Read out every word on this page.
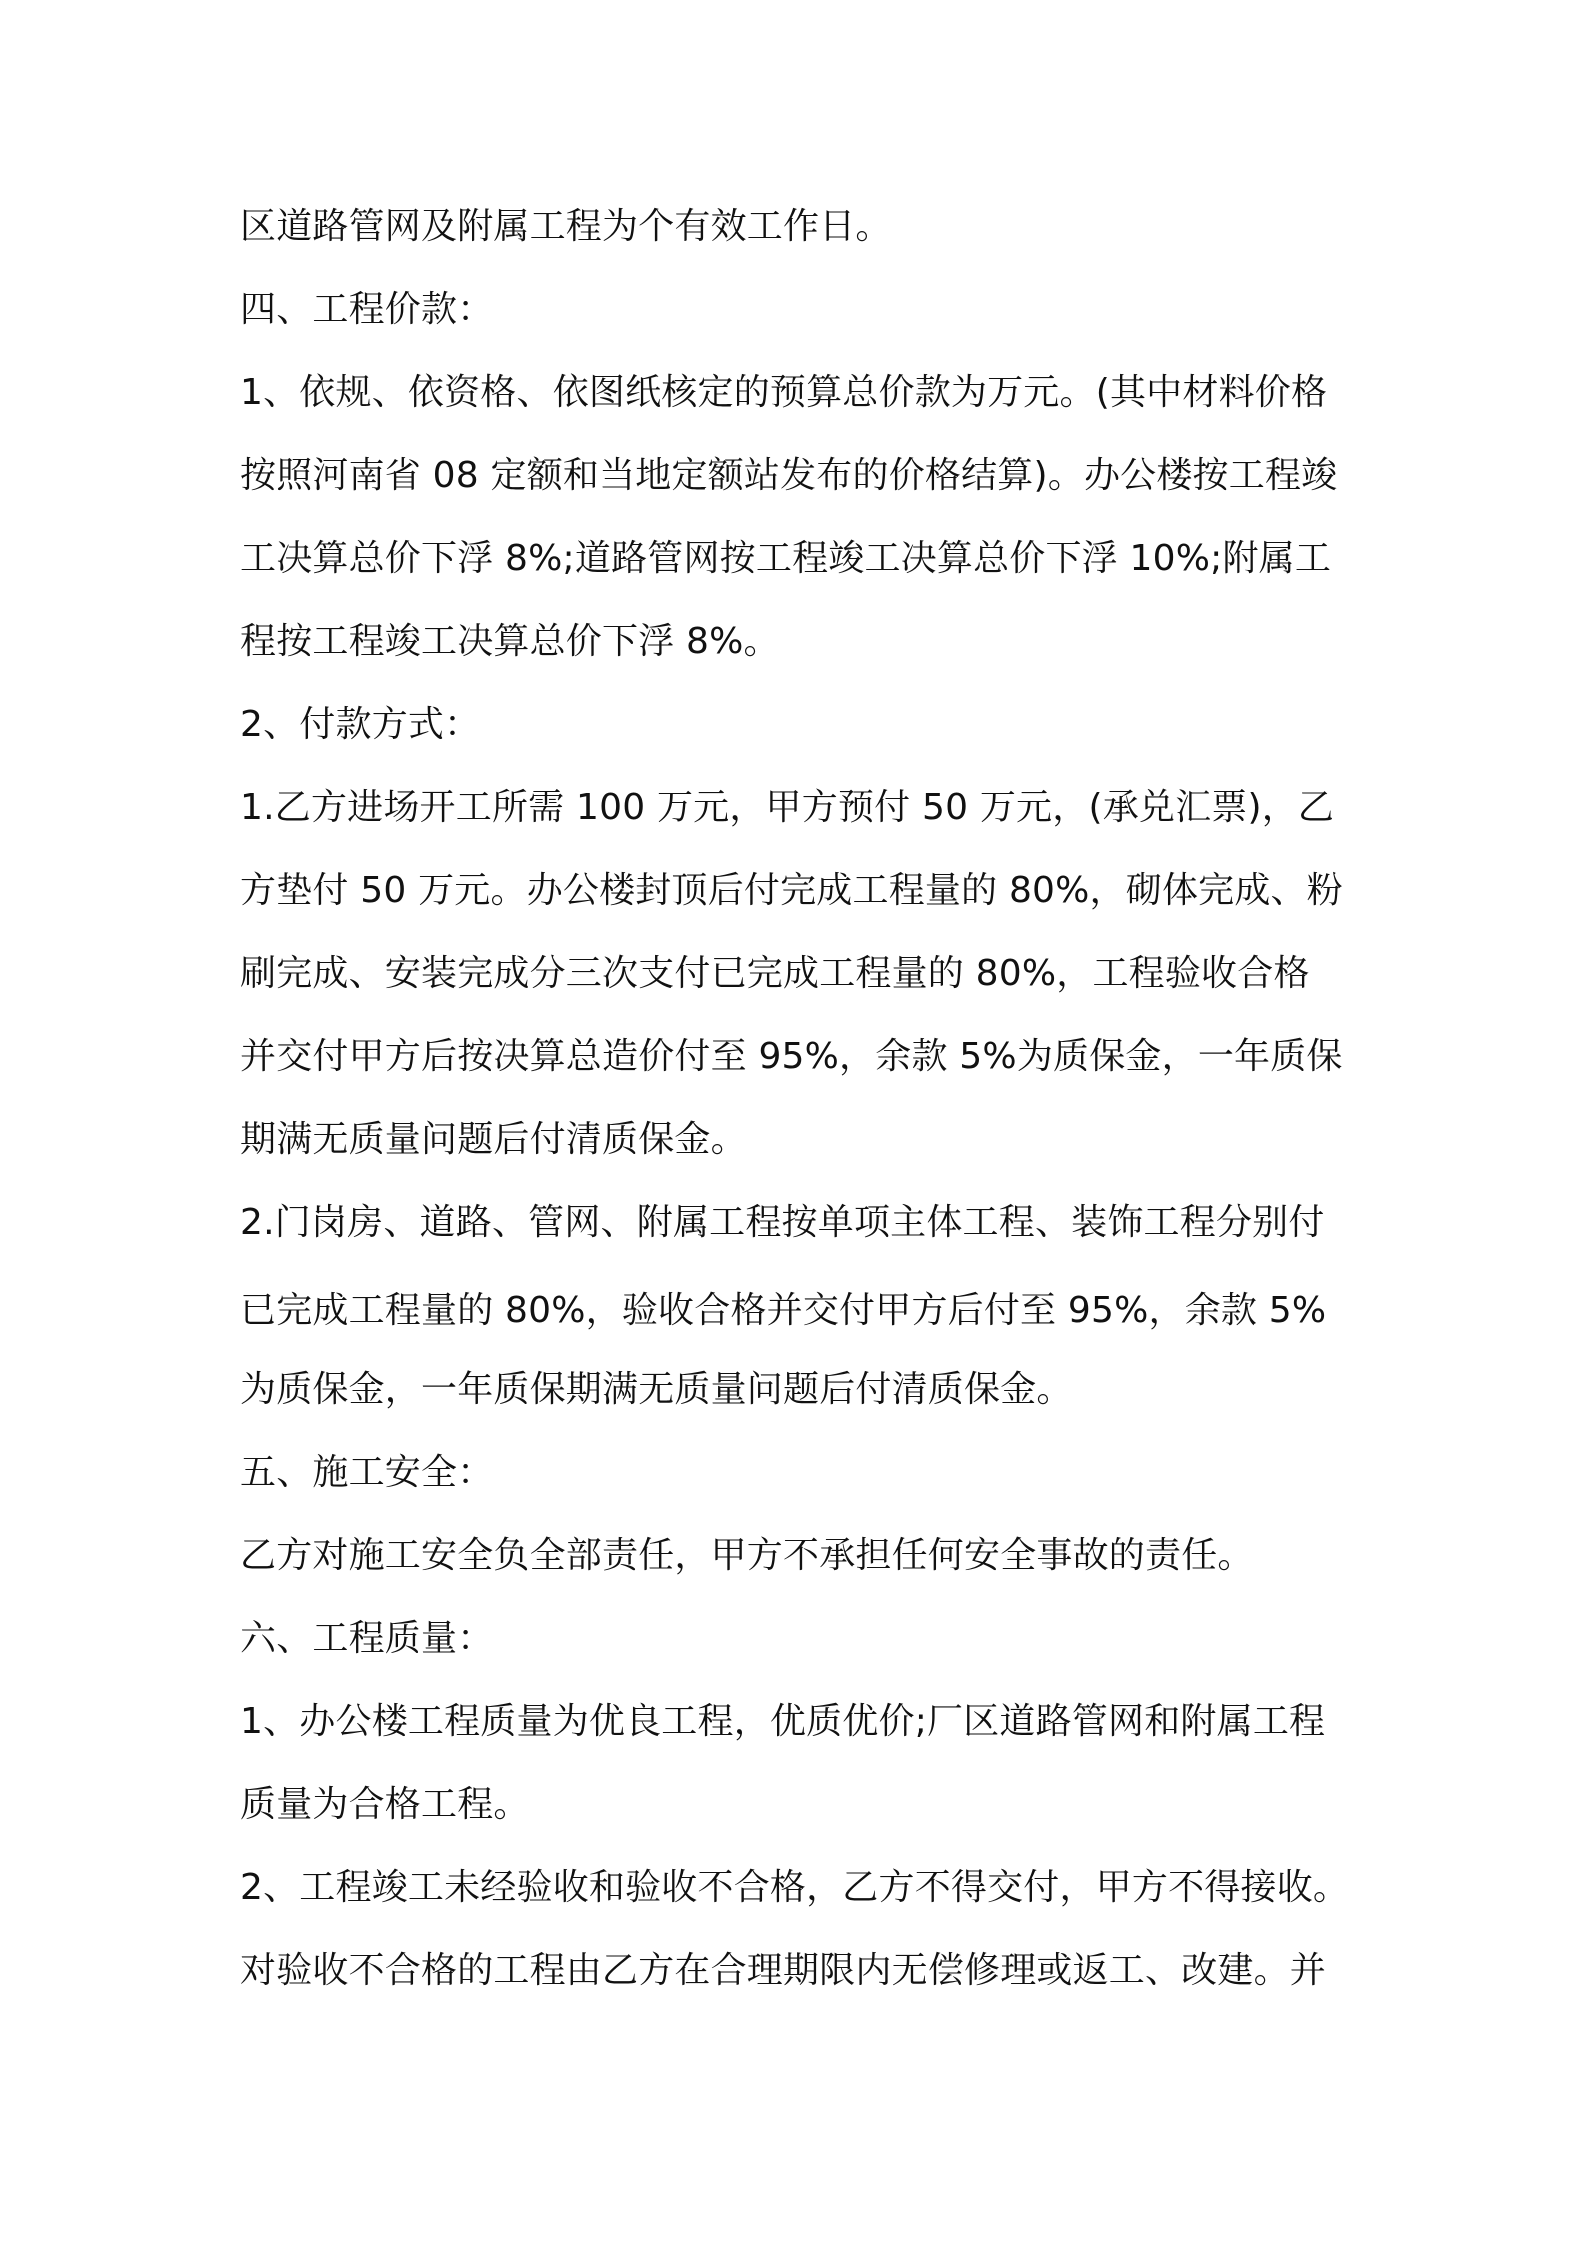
区道路管网及附属工程为个有效工作日。

四、工程价款：

1、依规、依资格、依图纸核定的预算总价款为万元。(其中材料价格

按照河南省 08 定额和当地定额站发布的价格结算)。办公楼按工程竣

工决算总价下浮 8%;道路管网按工程竣工决算总价下浮 10%;附属工

程按工程竣工决算总价下浮 8%。

2、付款方式：

1.乙方进场开工所需 100 万元，甲方预付 50 万元，(承兑汇票)，乙

方垫付 50 万元。办公楼封顶后付完成工程量的 80%，砌体完成、粉

刷完成、安装完成分三次支付已完成工程量的 80%，工程验收合格

并交付甲方后按决算总造价付至 95%，余款 5%为质保金，一年质保

期满无质量问题后付清质保金。

2.门岗房、道路、管网、附属工程按单项主体工程、装饰工程分别付

已完成工程量的 80%，验收合格并交付甲方后付至 95%，余款 5%

为质保金，一年质保期满无质量问题后付清质保金。

五、施工安全：

乙方对施工安全负全部责任，甲方不承担任何安全事故的责任。

六、工程质量：

1、办公楼工程质量为优良工程，优质优价;厂区道路管网和附属工程

质量为合格工程。

2、工程竣工未经验收和验收不合格，乙方不得交付，甲方不得接收。

对验收不合格的工程由乙方在合理期限内无偿修理或返工、改建。并
